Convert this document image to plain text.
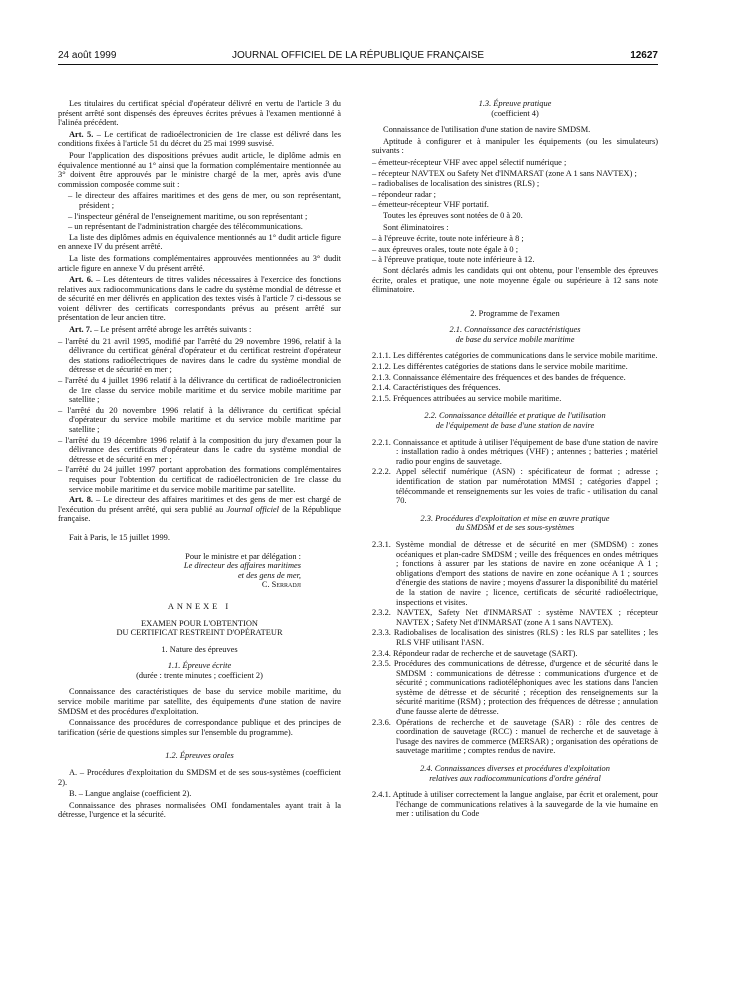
24 août 1999	JOURNAL OFFICIEL DE LA RÉPUBLIQUE FRANÇAISE	12627

Les titulaires du certificat spécial d'opérateur délivré en vertu de l'article 3 du présent arrêté sont dispensés des épreuves écrites prévues à l'examen mentionné à l'alinéa précédent.

Art. 5. – Le certificat de radioélectronicien de 1re classe est délivré dans les conditions fixées à l'article 51 du décret du 25 mai 1999 susvisé.

Pour l'application des dispositions prévues audit article, le diplôme admis en équivalence mentionné au 1° ainsi que la formation complémentaire mentionnée au 3° doivent être approuvés par le ministre chargé de la mer, après avis d'une commission composée comme suit :

– le directeur des affaires maritimes et des gens de mer, ou son représentant, président ;
– l'inspecteur général de l'enseignement maritime, ou son représentant ;
– un représentant de l'administration chargée des télécommunications.

La liste des diplômes admis en équivalence mentionnés au 1° dudit article figure en annexe IV du présent arrêté.

La liste des formations complémentaires approuvées mentionnées au 3° dudit article figure en annexe V du présent arrêté.

Art. 6. – Les détenteurs de titres valides nécessaires à l'exercice des fonctions relatives aux radiocommunications dans le cadre du système mondial de détresse et de sécurité en mer délivrés en application des textes visés à l'article 7 ci-dessous se voient délivrer des certificats correspondants prévus au présent arrêté sur présentation de leur ancien titre.

Art. 7. – Le présent arrêté abroge les arrêtés suivants :

– l'arrêté du 21 avril 1995, modifié par l'arrêté du 29 novembre 1996, relatif à la délivrance du certificat général d'opérateur et du certificat restreint d'opérateur des stations radioélectriques de navires dans le cadre du système mondial de détresse et de sécurité en mer ;
– l'arrêté du 4 juillet 1996 relatif à la délivrance du certificat de radioélectronicien de 1re classe du service mobile maritime et du service mobile maritime par satellite ;
– l'arrêté du 20 novembre 1996 relatif à la délivrance du certificat spécial d'opérateur du service mobile maritime et du service mobile maritime par satellite ;
– l'arrêté du 19 décembre 1996 relatif à la composition du jury d'examen pour la délivrance des certificats d'opérateur dans le cadre du système mondial de détresse et de sécurité en mer ;
– l'arrêté du 24 juillet 1997 portant approbation des formations complémentaires requises pour l'obtention du certificat de radioélectronicien de 1re classe du service mobile maritime et du service mobile maritime par satellite.

Art. 8. – Le directeur des affaires maritimes et des gens de mer est chargé de l'exécution du présent arrêté, qui sera publié au Journal officiel de la République française.

Fait à Paris, le 15 juillet 1999.

Pour le ministre et par délégation :

Le directeur des affaires maritimes

et des gens de mer,

C. Serradji

ANNEXE I

EXAMEN POUR L'OBTENTION

DU CERTIFICAT RESTREINT D'OPÉRATEUR

1. Nature des épreuves

1.1. Épreuve écrite

(durée : trente minutes ; coefficient 2)

Connaissance des caractéristiques de base du service mobile maritime, du service mobile maritime par satellite, des équipements d'une station de navire SMDSM et des procédures d'exploitation.

Connaissance des procédures de correspondance publique et des principes de tarification (série de questions simples sur l'ensemble du programme).

1.2. Épreuves orales

A. – Procédures d'exploitation du SMDSM et de ses sous-systèmes (coefficient 2).

B. – Langue anglaise (coefficient 2).

Connaissance des phrases normalisées OMI fondamentales ayant trait à la détresse, l'urgence et la sécurité.

1.3. Épreuve pratique

(coefficient 4)

Connaissance de l'utilisation d'une station de navire SMDSM.

Aptitude à configurer et à manipuler les équipements (ou les simulateurs) suivants :

– émetteur-récepteur VHF avec appel sélectif numérique ;
– récepteur NAVTEX ou Safety Net d'INMARSAT (zone A 1 sans NAVTEX) ;
– radiobalises de localisation des sinistres (RLS) ;
– répondeur radar ;
– émetteur-récepteur VHF portatif.

Toutes les épreuves sont notées de 0 à 20.

Sont éliminatoires :

– à l'épreuve écrite, toute note inférieure à 8 ;
– aux épreuves orales, toute note égale à 0 ;
– à l'épreuve pratique, toute note inférieure à 12.

Sont déclarés admis les candidats qui ont obtenu, pour l'ensemble des épreuves écrite, orales et pratique, une note moyenne égale ou supérieure à 12 sans note éliminatoire.

2. Programme de l'examen

2.1. Connaissance des caractéristiques

de base du service mobile maritime

2.1.1. Les différentes catégories de communications dans le service mobile maritime.
2.1.2. Les différentes catégories de stations dans le service mobile maritime.
2.1.3. Connaissance élémentaire des fréquences et des bandes de fréquence.
2.1.4. Caractéristiques des fréquences.
2.1.5. Fréquences attribuées au service mobile maritime.

2.2. Connaissance détaillée et pratique de l'utilisation

de l'équipement de base d'une station de navire

2.2.1. Connaissance et aptitude à utiliser l'équipement de base d'une station de navire : installation radio à ondes métriques (VHF) ; antennes ; batteries ; matériel radio pour engins de sauvetage.
2.2.2. Appel sélectif numérique (ASN) : spécificateur de format ; adresse ; identification de station par numérotation MMSI ; catégories d'appel ; télécommande et renseignements sur les voies de trafic - utilisation du canal 70.

2.3. Procédures d'exploitation et mise en œuvre pratique

du SMDSM et de ses sous-systèmes

2.3.1. Système mondial de détresse et de sécurité en mer (SMDSM) : zones océaniques et plan-cadre SMDSM ; veille des fréquences en ondes métriques ; fonctions à assurer par les stations de navire en zone océanique A 1 ; obligations d'emport des stations de navire en zone océanique A 1 ; sources d'énergie des stations de navire ; moyens d'assurer la disponibilité du matériel de la station de navire ; licence, certificats de sécurité radioélectrique, inspections et visites.
2.3.2. NAVTEX, Safety Net d'INMARSAT : système NAVTEX ; récepteur NAVTEX ; Safety Net d'INMARSAT (zone A 1 sans NAVTEX).
2.3.3. Radiobalises de localisation des sinistres (RLS) : les RLS par satellites ; les RLS VHF utilisant l'ASN.
2.3.4. Répondeur radar de recherche et de sauvetage (SART).
2.3.5. Procédures des communications de détresse, d'urgence et de sécurité dans le SMDSM : communications de détresse : communications d'urgence et de sécurité ; communications radiotéléphoniques avec les stations dans l'ancien système de détresse et de sécurité ; réception des renseignements sur la sécurité maritime (RSM) ; protection des fréquences de détresse ; annulation d'une fausse alerte de détresse.
2.3.6. Opérations de recherche et de sauvetage (SAR) : rôle des centres de coordination de sauvetage (RCC) : manuel de recherche et de sauvetage à l'usage des navires de commerce (MERSAR) ; organisation des opérations de sauvetage maritime ; comptes rendus de navire.

2.4. Connaissances diverses et procédures d'exploitation

relatives aux radiocommunications d'ordre général

2.4.1. Aptitude à utiliser correctement la langue anglaise, par écrit et oralement, pour l'échange de communications relatives à la sauvegarde de la vie humaine en mer : utilisation du Code
